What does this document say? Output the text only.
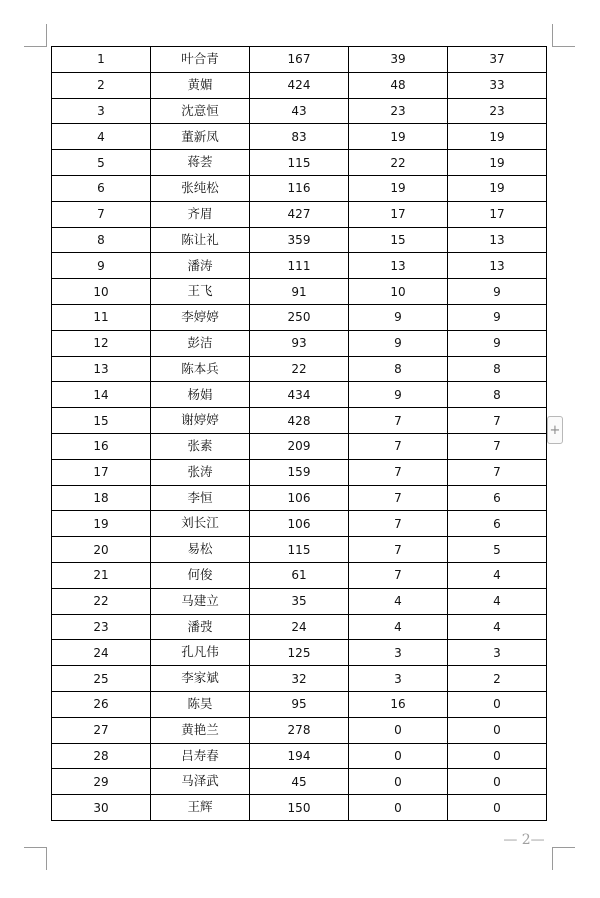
1	叶合青	167	39	37
2	黄媚	424	48	33
3	沈意恒	43	23	23
4	董新凤	83	19	19
5	蒋荟	115	22	19
6	张纯松	116	19	19
7	齐眉	427	17	17
8	陈让礼	359	15	13
9	潘涛	111	13	13
10	王飞	91	10	9
11	李婷婷	250	9	9
12	彭洁	93	9	9
13	陈本兵	22	8	8
14	杨娟	434	9	8
15	谢婷婷	428	7	7
16	张素	209	7	7
17	张涛	159	7	7
18	李恒	106	7	6
19	刘长江	106	7	6
20	易松	115	7	5
21	何俊	61	7	4
22	马建立	35	4	4
23	潘弢	24	4	4
24	孔凡伟	125	3	3
25	李家斌	32	3	2
26	陈昊	95	16	0
27	黄艳兰	278	0	0
28	吕寿春	194	0	0
29	马泽武	45	0	0
30	王辉	150	0	0
+
— 2—
